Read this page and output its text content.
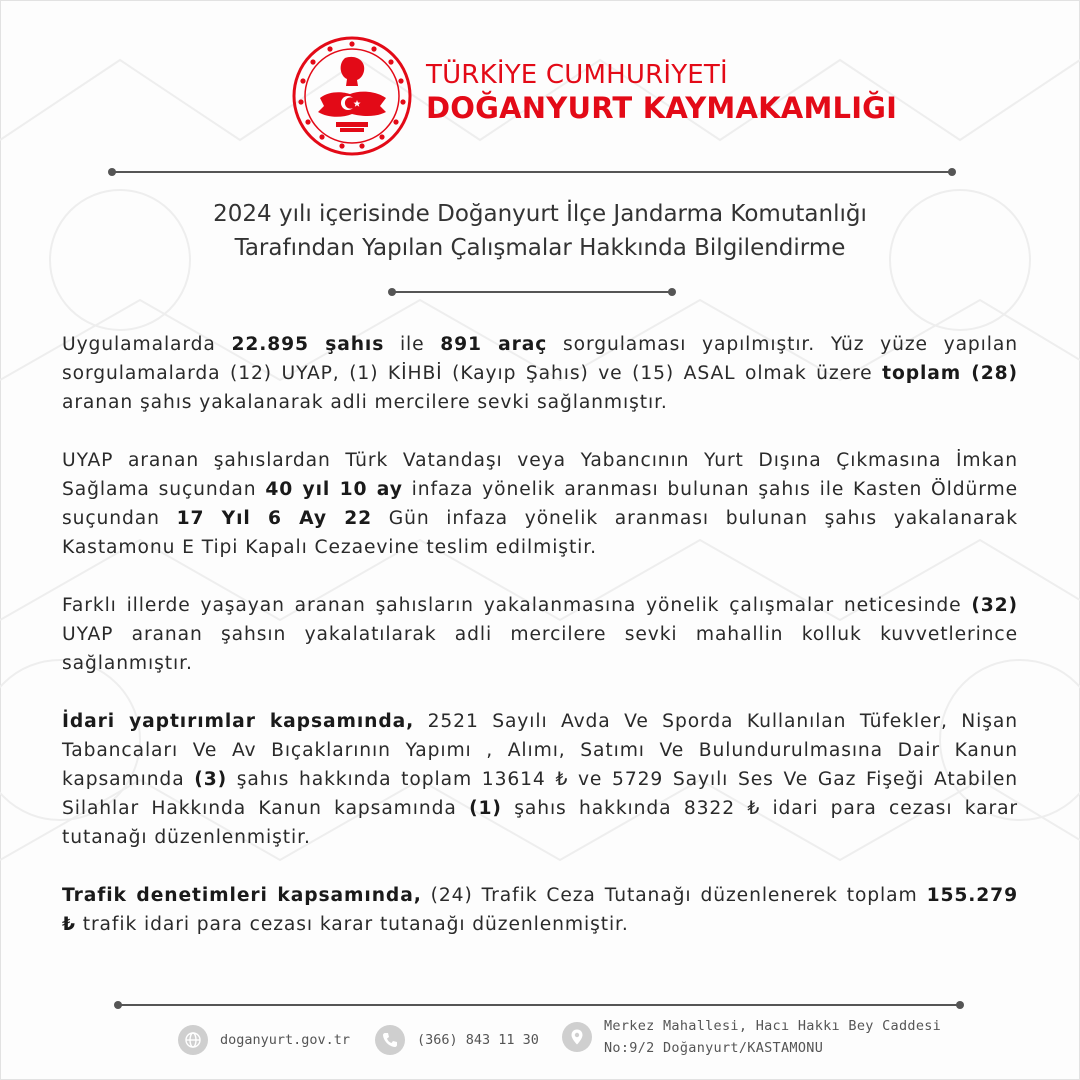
TÜRKİYE CUMHURİYETİ
DOĞANYURT KAYMAKAMLIĞI
2024 yılı içerisinde Doğanyurt İlçe Jandarma Komutanlığı
Tarafından Yapılan Çalışmalar Hakkında Bilgilendirme

Uygulamalarda 22.895 şahıs ile 891 araç sorgulaması yapılmıştır. Yüz yüze yapılan sorgulamalarda (12) UYAP, (1) KİHBİ (Kayıp Şahıs) ve (15) ASAL olmak üzere toplam (28) aranan şahıs yakalanarak adli mercilere sevki sağlanmıştır.

UYAP aranan şahıslardan Türk Vatandaşı veya Yabancının Yurt Dışına Çıkmasına İmkan Sağlama suçundan 40 yıl 10 ay infaza yönelik aranması bulunan şahıs ile Kasten Öldürme suçundan 17 Yıl 6 Ay 22 Gün infaza yönelik aranması bulunan şahıs yakalanarak Kastamonu E Tipi Kapalı Cezaevine teslim edilmiştir.

Farklı illerde yaşayan aranan şahısların yakalanmasına yönelik çalışmalar neticesinde (32) UYAP aranan şahsın yakalatılarak adli mercilere sevki mahallin kolluk kuvvetlerince sağlanmıştır.

İdari yaptırımlar kapsamında, 2521 Sayılı Avda Ve Sporda Kullanılan Tüfekler, Nişan Tabancaları Ve Av Bıçaklarının Yapımı , Alımı, Satımı Ve Bulundurulmasına Dair Kanun kapsamında (3) şahıs hakkında toplam 13614 ₺ ve 5729 Sayılı Ses Ve Gaz Fişeği Atabilen Silahlar Hakkında Kanun kapsamında (1) şahıs hakkında 8322 ₺ idari para cezası karar tutanağı düzenlenmiştir.

Trafik denetimleri kapsamında, (24) Trafik Ceza Tutanağı düzenlenerek toplam 155.279 ₺ trafik idari para cezası karar tutanağı düzenlenmiştir.

doganyurt.gov.tr	(366) 843 11 30
Merkez Mahallesi, Hacı Hakkı Bey Caddesi
No:9/2 Doğanyurt/KASTAMONU
